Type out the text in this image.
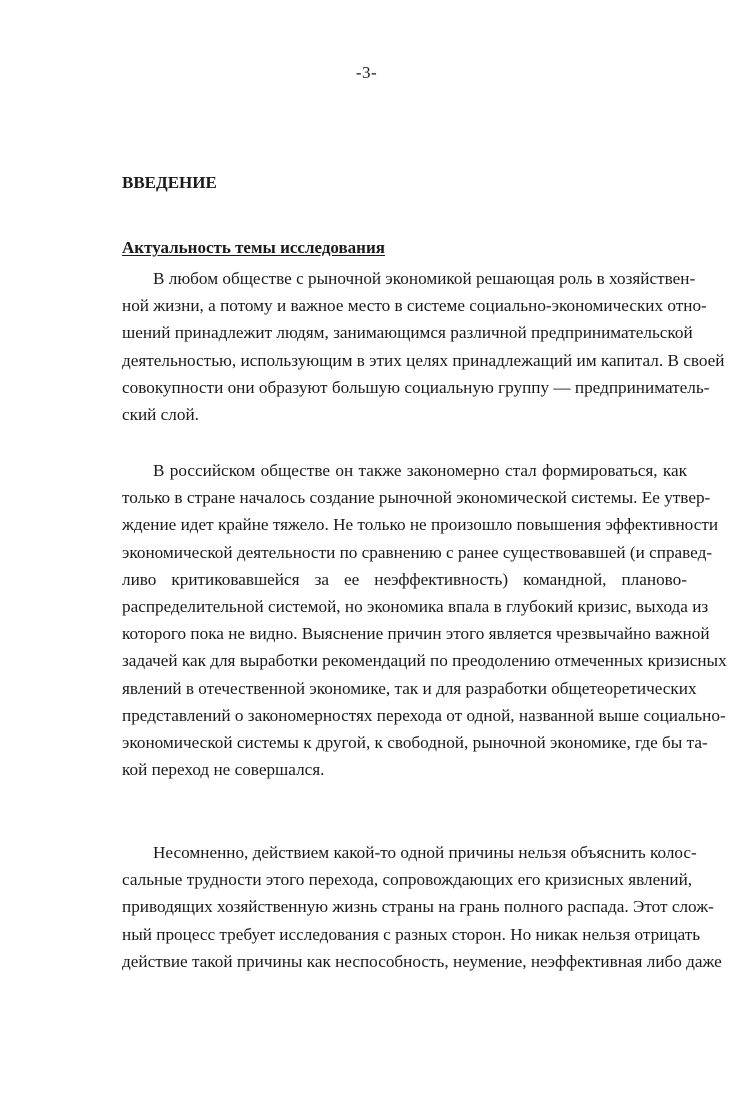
-3-
ВВЕДЕНИЕ
Актуальность темы исследования
В любом обществе с рыночной экономикой решающая роль в хозяйствен-
ной жизни, а потому и важное место в системе социально-экономических отно-
шений принадлежит людям, занимающимся различной предпринимательской
деятельностью, использующим в этих целях принадлежащий им капитал. В своей
совокупности они образуют большую социальную группу — предприниматель-
ский слой.
В российском обществе он также закономерно стал формироваться, как
только в стране началось создание рыночной экономической системы. Ее утвер-
ждение идет крайне тяжело. Не только не произошло повышения эффективности
экономической деятельности по сравнению с ранее существовавшей (и справед-
ливо критиковавшейся за ее неэффективность) командной, планово-
распределительной системой, но экономика впала в глубокий кризис, выхода из
которого пока не видно. Выяснение причин этого является чрезвычайно важной
задачей как для выработки рекомендаций по преодолению отмеченных кризисных
явлений в отечественной экономике, так и для разработки общетеоретических
представлений о закономерностях перехода от одной, названной выше социально-
экономической системы к другой, к свободной, рыночной экономике, где бы та-
кой переход не совершался.
Несомненно, действием какой-то одной причины нельзя объяснить колос-
сальные трудности этого перехода, сопровождающих его кризисных явлений,
приводящих хозяйственную жизнь страны на грань полного распада. Этот слож-
ный процесс требует исследования с разных сторон. Но никак нельзя отрицать
действие такой причины как неспособность, неумение, неэффективная либо даже
